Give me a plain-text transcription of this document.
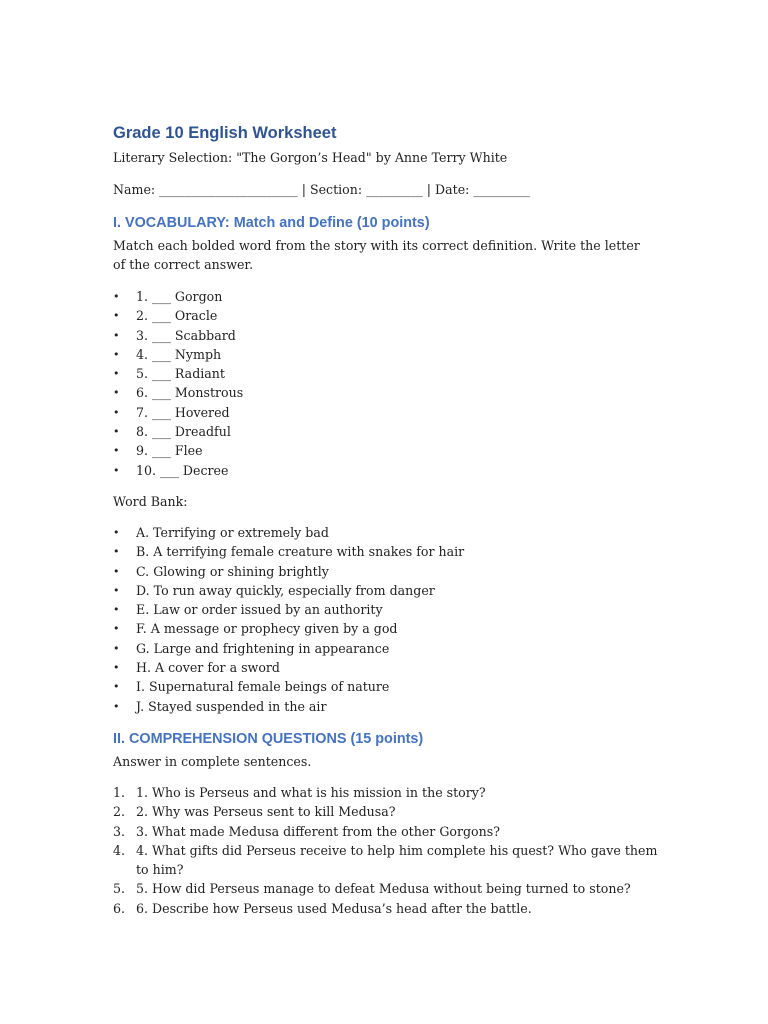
Grade 10 English Worksheet
Literary Selection: "The Gorgon’s Head" by Anne Terry White
Name: ______________________ | Section: _________ | Date: _________
I. VOCABULARY: Match and Define (10 points)
Match each bolded word from the story with its correct definition. Write the letter of the correct answer.
• 1. ___ Gorgon
• 2. ___ Oracle
• 3. ___ Scabbard
• 4. ___ Nymph
• 5. ___ Radiant
• 6. ___ Monstrous
• 7. ___ Hovered
• 8. ___ Dreadful
• 9. ___ Flee
• 10. ___ Decree
Word Bank:
• A. Terrifying or extremely bad
• B. A terrifying female creature with snakes for hair
• C. Glowing or shining brightly
• D. To run away quickly, especially from danger
• E. Law or order issued by an authority
• F. A message or prophecy given by a god
• G. Large and frightening in appearance
• H. A cover for a sword
• I. Supernatural female beings of nature
• J. Stayed suspended in the air
II. COMPREHENSION QUESTIONS (15 points)
Answer in complete sentences.
1. 1. Who is Perseus and what is his mission in the story?
2. 2. Why was Perseus sent to kill Medusa?
3. 3. What made Medusa different from the other Gorgons?
4. 4. What gifts did Perseus receive to help him complete his quest? Who gave them to him?
5. 5. How did Perseus manage to defeat Medusa without being turned to stone?
6. 6. Describe how Perseus used Medusa’s head after the battle.
